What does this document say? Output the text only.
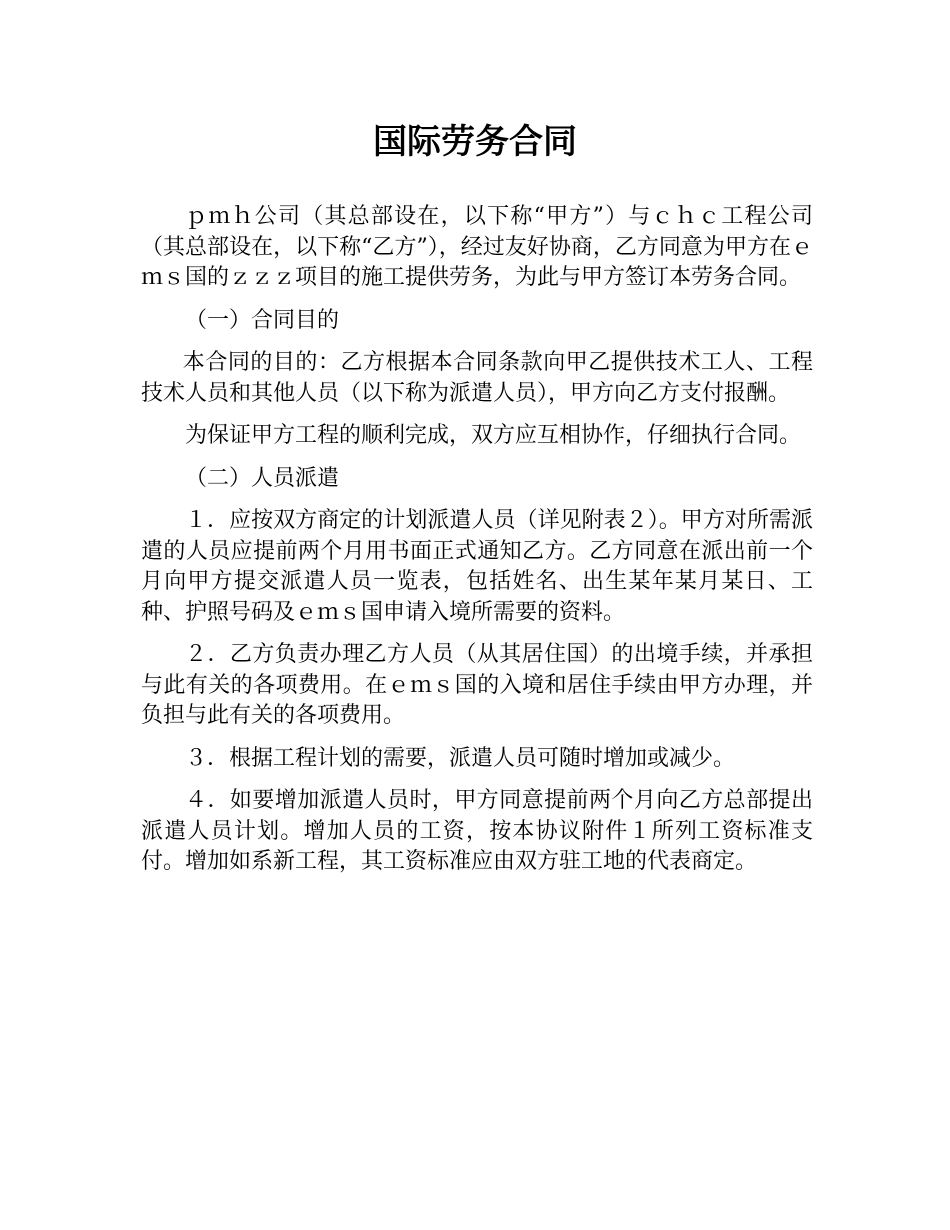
国际劳务合同

ｐｍｈ公司（其总部设在，以下称“甲方”）与ｃｈｃ工程公司（其总部设在，以下称“乙方”），经过友好协商，乙方同意为甲方在ｅｍｓ国的ｚｚｚ项目的施工提供劳务，为此与甲方签订本劳务合同。

（一）合同目的

本合同的目的：乙方根据本合同条款向甲乙提供技术工人、工程技术人员和其他人员（以下称为派遣人员），甲方向乙方支付报酬。

为保证甲方工程的顺利完成，双方应互相协作，仔细执行合同。

（二）人员派遣

１．应按双方商定的计划派遣人员（详见附表２）。甲方对所需派遣的人员应提前两个月用书面正式通知乙方。乙方同意在派出前一个月向甲方提交派遣人员一览表，包括姓名、出生某年某月某日、工种、护照号码及ｅｍｓ国申请入境所需要的资料。

２．乙方负责办理乙方人员（从其居住国）的出境手续，并承担与此有关的各项费用。在ｅｍｓ国的入境和居住手续由甲方办理，并负担与此有关的各项费用。

３．根据工程计划的需要，派遣人员可随时增加或减少。

４．如要增加派遣人员时，甲方同意提前两个月向乙方总部提出派遣人员计划。增加人员的工资，按本协议附件１所列工资标准支付。增加如系新工程，其工资标准应由双方驻工地的代表商定。
